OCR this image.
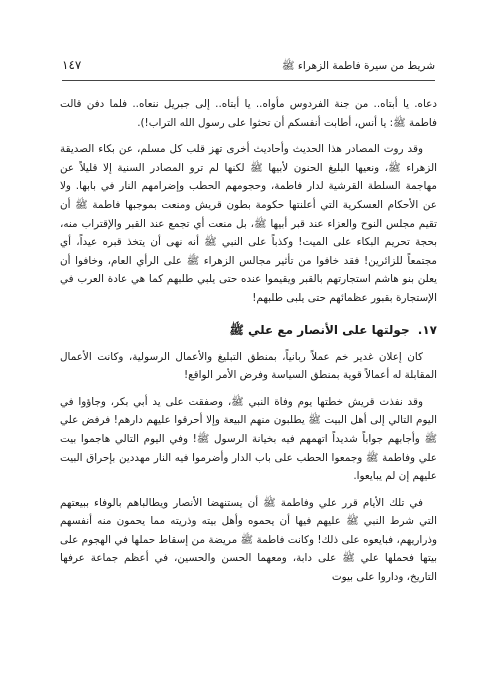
شريط من سيرة فاطمة الزهراء ﷺ
١٤٧

دعاه. يا أبتاه.. من جنة الفردوس مأواه.. يا أبتاه.. إلى جبريل ننعاه.. فلما دفن قالت فاطمة ﷺ: يا أنس، أطابت أنفسكم أن تحثوا على رسول الله التراب!).

وقد روت المصادر هذا الحديث وأحاديث أخرى تهز قلب كل مسلم، عن بكاء الصديقة الزهراء ﷺ، ونعيها البليغ الحنون لأبيها ﷺ لكنها لم ترو المصادر السنية إلا قليلاً عن مهاجمة السلطة القرشية لدار فاطمة، وحجومهم الحطب وإضرامهم النار في بابها. ولا عن الأحكام العسكرية التي أعلنتها حكومة بطون قريش ومنعت بموجبها فاطمة ﷺ أن تقيم مجلس النوح والعزاء عند قبر أبيها ﷺ، بل منعت أي تجمع عند القبر والإقتراب منه، بحجة تحريم البكاء على الميت! وكذباً على النبي ﷺ أنه نهى أن يتخذ قبره عيداً، أي مجتمعاً للزائرين! فقد خافوا من تأثير مجالس الزهراء ﷺ على الرأي العام، وخافوا أن يعلن بنو هاشم استجارتهم بالقبر ويقيموا عنده حتى يلبي طلبهم كما هي عادة العرب في الإستجارة بقبور عظمائهم حتى يلبى طلبهم!

١٧. جولتها على الأنصار مع علي ﷺ

كان إعلان غدير خم عملاً ربانياً، بمنطق التبليغ والأعمال الرسولية، وكانت الأعمال المقابلة له أعمالاً قوية بمنطق السياسة وفرض الأمر الواقع!

وقد نفذت قريش خطتها يوم وفاة النبي ﷺ، وصفقت على يد أبي بكر، وجاؤوا في اليوم التالي إلى أهل البيت ﷺ يطلبون منهم البيعة وإلا أحرقوا عليهم دارهم! فرفض علي ﷺ وأجابهم جواباً شديداً اتهمهم فيه بخيانة الرسول ﷺ! وفي اليوم التالي هاجموا بيت علي وفاطمة ﷺ وجمعوا الحطب على باب الدار وأضرموا فيه النار مهددين بإحراق البيت عليهم إن لم يبايعوا.

في تلك الأيام قرر علي وفاطمة ﷺ أن يستنهضا الأنصار ويطالباهم بالوفاء ببيعتهم التي شرط النبي ﷺ عليهم فيها أن يحموه وأهل بيته وذريته مما يحمون منه أنفسهم وذراريهم، فبايعوه على ذلك! وكانت فاطمة ﷺ مريضة من إسقاط حملها في الهجوم على بيتها فحملها علي ﷺ على دابة، ومعهما الحسن والحسين، في أعظم جماعة عرفها التاريخ، وداروا على بيوت
